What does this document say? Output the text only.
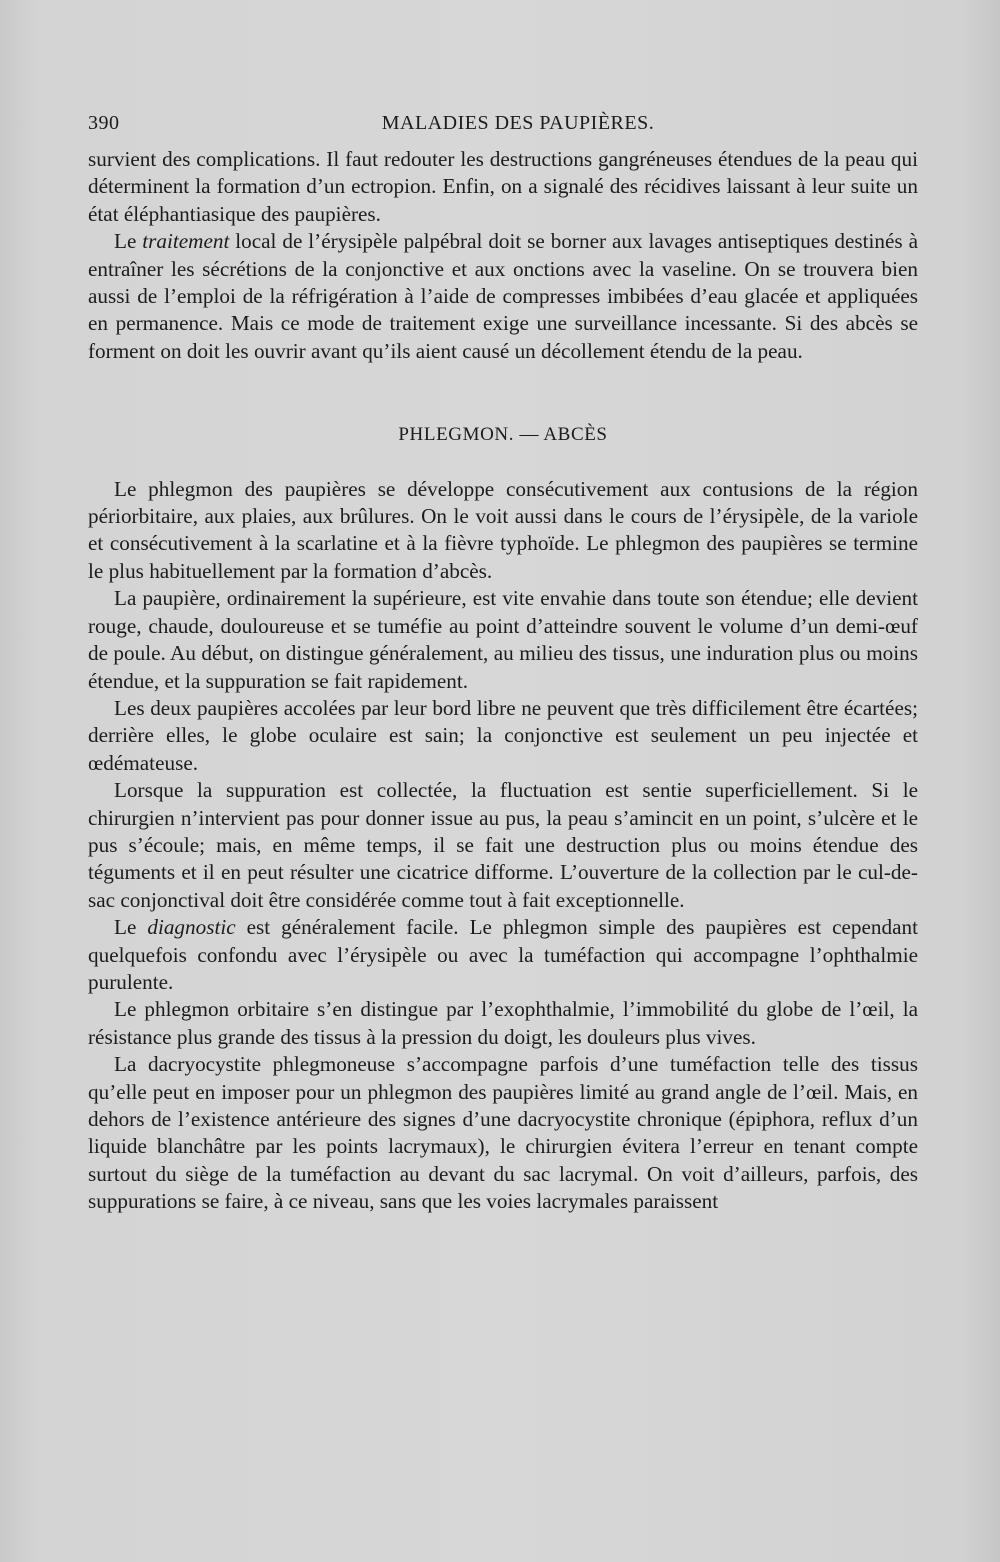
390	MALADIES DES PAUPIÈRES.

survient des complications. Il faut redouter les destructions gangréneuses étendues de la peau qui déterminent la formation d’un ectropion. Enfin, on a signalé des récidives laissant à leur suite un état éléphantiasique des paupières.

Le traitement local de l’érysipèle palpébral doit se borner aux lavages antiseptiques destinés à entraîner les sécrétions de la conjonctive et aux onctions avec la vaseline. On se trouvera bien aussi de l’emploi de la réfrigération à l’aide de compresses imbibées d’eau glacée et appliquées en permanence. Mais ce mode de traitement exige une surveillance incessante. Si des abcès se forment on doit les ouvrir avant qu’ils aient causé un décollement étendu de la peau.

PHLEGMON. — ABCÈS

Le phlegmon des paupières se développe consécutivement aux contusions de la région périorbitaire, aux plaies, aux brûlures. On le voit aussi dans le cours de l’érysipèle, de la variole et consécutivement à la scarlatine et à la fièvre typhoïde. Le phlegmon des paupières se termine le plus habituellement par la formation d’abcès.

La paupière, ordinairement la supérieure, est vite envahie dans toute son étendue; elle devient rouge, chaude, douloureuse et se tuméfie au point d’atteindre souvent le volume d’un demi-œuf de poule. Au début, on distingue généralement, au milieu des tissus, une induration plus ou moins étendue, et la suppuration se fait rapidement.

Les deux paupières accolées par leur bord libre ne peuvent que très difficilement être écartées; derrière elles, le globe oculaire est sain; la conjonctive est seulement un peu injectée et œdémateuse.

Lorsque la suppuration est collectée, la fluctuation est sentie superficiellement. Si le chirurgien n’intervient pas pour donner issue au pus, la peau s’amincit en un point, s’ulcère et le pus s’écoule; mais, en même temps, il se fait une destruction plus ou moins étendue des téguments et il en peut résulter une cicatrice difforme. L’ouverture de la collection par le cul-de-sac conjonctival doit être considérée comme tout à fait exceptionnelle.

Le diagnostic est généralement facile. Le phlegmon simple des paupières est cependant quelquefois confondu avec l’érysipèle ou avec la tuméfaction qui accompagne l’ophthalmie purulente.

Le phlegmon orbitaire s’en distingue par l’exophthalmie, l’immobilité du globe de l’œil, la résistance plus grande des tissus à la pression du doigt, les douleurs plus vives.

La dacryocystite phlegmoneuse s’accompagne parfois d’une tuméfaction telle des tissus qu’elle peut en imposer pour un phlegmon des paupières limité au grand angle de l’œil. Mais, en dehors de l’existence antérieure des signes d’une dacryocystite chronique (épiphora, reflux d’un liquide blanchâtre par les points lacrymaux), le chirurgien évitera l’erreur en tenant compte surtout du siège de la tuméfaction au devant du sac lacrymal. On voit d’ailleurs, parfois, des suppurations se faire, à ce niveau, sans que les voies lacrymales paraissent
